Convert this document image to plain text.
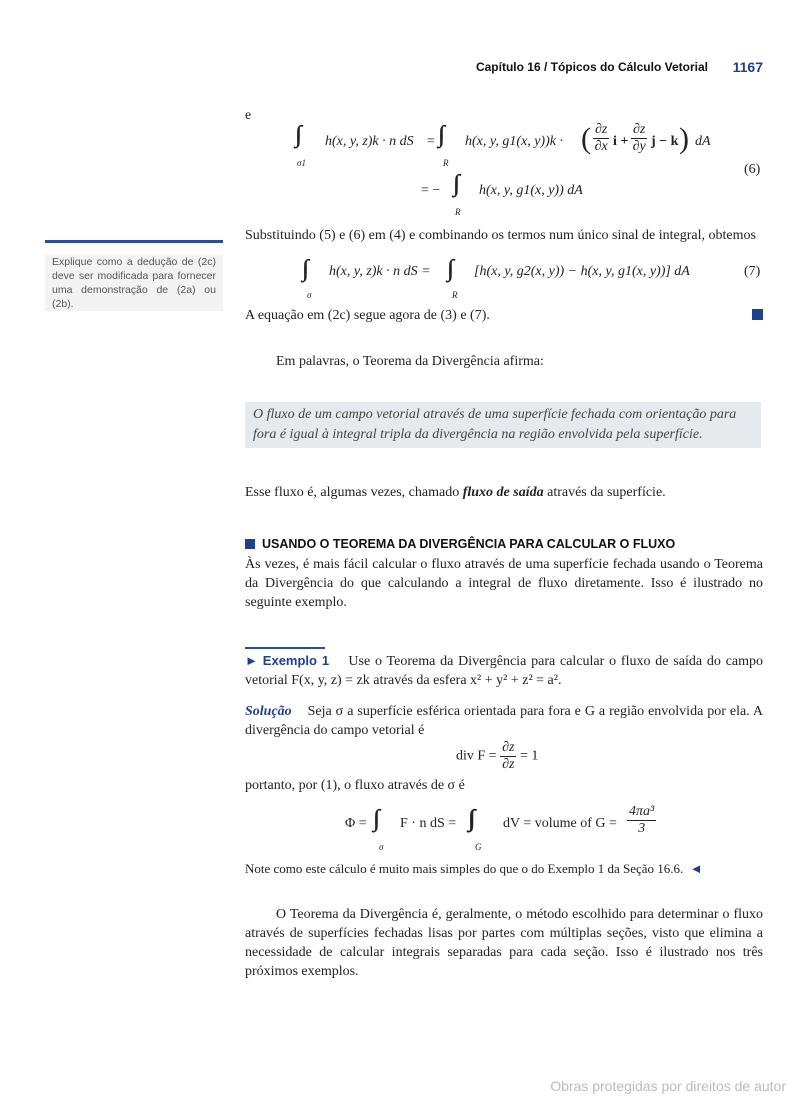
Capítulo 16 / Tópicos do Cálculo Vetorial 1167
e
∫∫
σ1
h(x, y, z)k · n dS = ∫∫
R
h(x, y, g1(x, y))k · ( $\frac{\partial z}{\partial x}$ $i + \frac{\partial z}{\partial y}$ j − k ) dA
= − ∫∫
R
h(x, y, g1(x, y)) dA
(6)
Explique como a dedução de (2c) deve ser modificada para fornecer uma demonstração de (2a) ou (2b).
Substituindo (5) e (6) em (4) e combinando os termos num único sinal de integral, obtemos
∫∫
σ
h(x, y, z)k · n dS = ∫∫
R
[h(x, y, g2(x, y)) − h(x, y, g1(x, y))] dA	(7)
A equação em (2c) segue agora de (3) e (7).
Em palavras, o Teorema da Divergência afirma:
O fluxo de um campo vetorial através de uma superfície fechada com orientação para fora é igual à integral tripla da divergência na região envolvida pela superfície.
Esse fluxo é, algumas vezes, chamado fluxo de saída através da superfície.
USANDO O TEOREMA DA DIVERGÊNCIA PARA CALCULAR O FLUXO
Às vezes, é mais fácil calcular o fluxo através de uma superfície fechada usando o Teorema da Divergência do que calculando a integral de fluxo diretamente. Isso é ilustrado no seguinte exemplo.
► Exemplo 1 Use o Teorema da Divergência para calcular o fluxo de saída do campo vetorial F(x, y, z) = zk através da esfera x² + y² + z² = a².
Solução Seja σ a superfície esférica orientada para fora e G a região envolvida por ela. A divergência do campo vetorial é
div $F = \frac{\partial z}{\partial z} = 1$
portanto, por (1), o fluxo através de σ é
Φ = ∫∫
σ
F · n dS = ∫∫∫
G
dV = volume of $G = \frac{\text{4πa³}}{3}$
Note como este cálculo é muito mais simples do que o do Exemplo 1 da Seção 16.6. ◄
O Teorema da Divergência é, geralmente, o método escolhido para determinar o fluxo através de superfícies fechadas lisas por partes com múltiplas seções, visto que elimina a necessidade de calcular integrais separadas para cada seção. Isso é ilustrado nos três próximos exemplos.
Obras protegidas por direitos de autor
